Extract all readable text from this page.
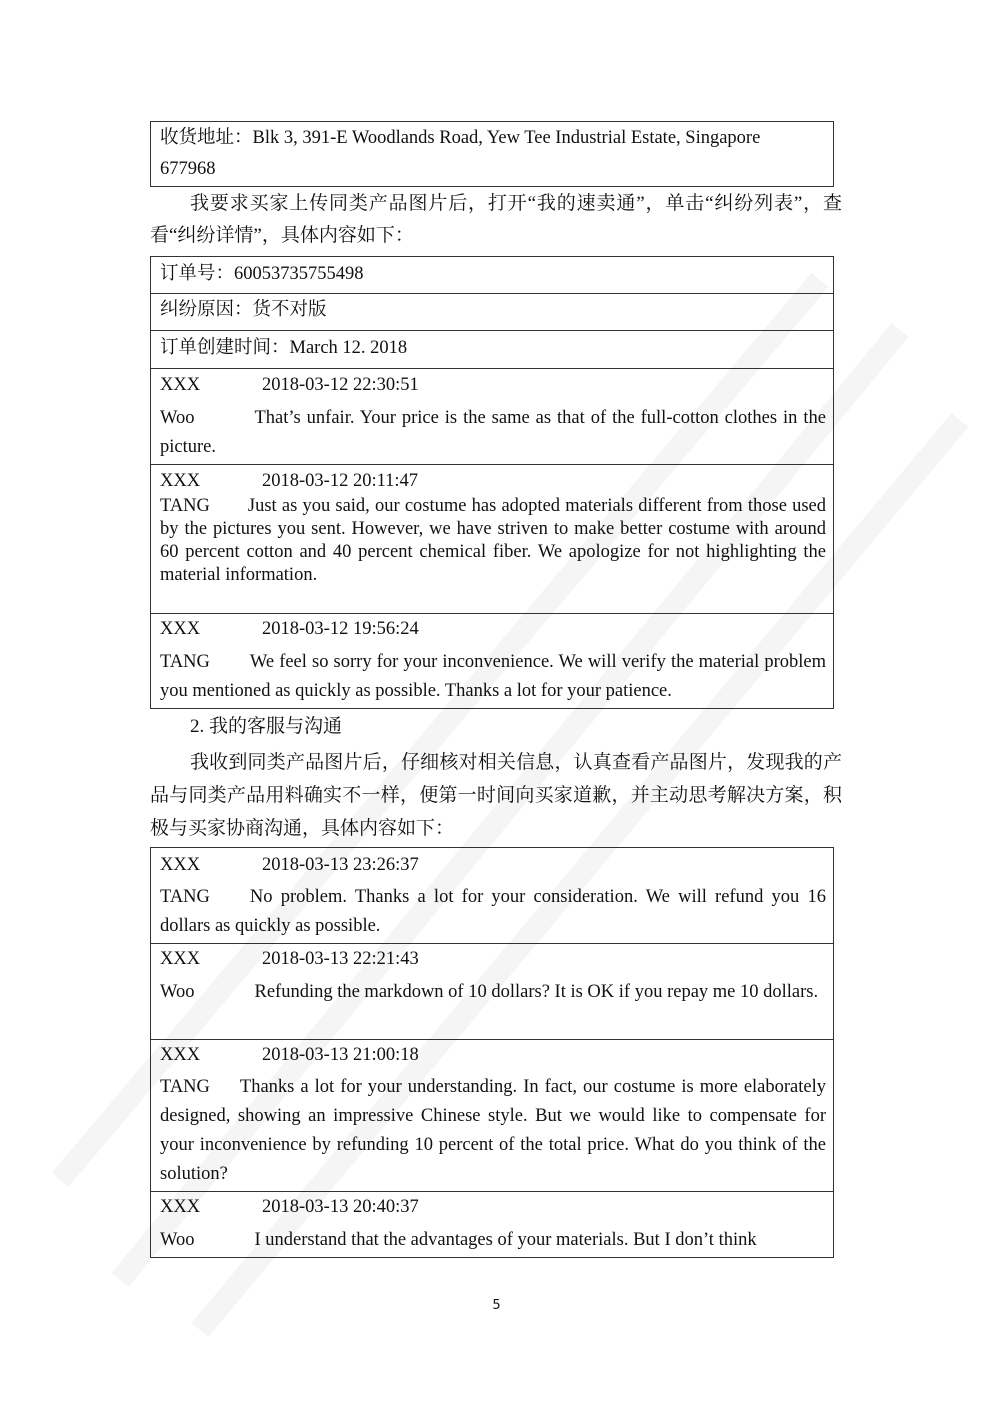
收货地址：Blk 3, 391-E Woodlands Road, Yew Tee Industrial Estate, Singapore
677968
我要求买家上传同类产品图片后，打开“我的速卖通”，单击“纠纷列表”，查看“纠纷详情”，具体内容如下：
订单号：60053735755498
纠纷原因：货不对版
订单创建时间：March 12. 2018
XXX	2018-03-12 22:30:51
Woo	That’s unfair. Your price is the same as that of the full-cotton clothes in the picture.
XXX	2018-03-12 20:11:47
TANG Just as you said, our costume has adopted materials different from those used by the pictures you sent. However, we have striven to make better costume with around 60 percent cotton and 40 percent chemical fiber. We apologize for not highlighting the material information.
XXX	2018-03-12 19:56:24
TANG We feel so sorry for your inconvenience. We will verify the material problem you mentioned as quickly as possible. Thanks a lot for your patience.
2. 我的客服与沟通
我收到同类产品图片后，仔细核对相关信息，认真查看产品图片，发现我的产品与同类产品用料确实不一样，便第一时间向买家道歉，并主动思考解决方案，积极与买家协商沟通，具体内容如下：
XXX	2018-03-13 23:26:37
TANG No problem. Thanks a lot for your consideration. We will refund you 16 dollars as quickly as possible.
XXX	2018-03-13 22:21:43
Woo	Refunding the markdown of 10 dollars? It is OK if you repay me 10 dollars.
XXX	2018-03-13 21:00:18
TANG Thanks a lot for your understanding. In fact, our costume is more elaborately designed, showing an impressive Chinese style. But we would like to compensate for your inconvenience by refunding 10 percent of the total price. What do you think of the solution?
XXX	2018-03-13 20:40:37
Woo	I understand that the advantages of your materials. But I don’t think
5
